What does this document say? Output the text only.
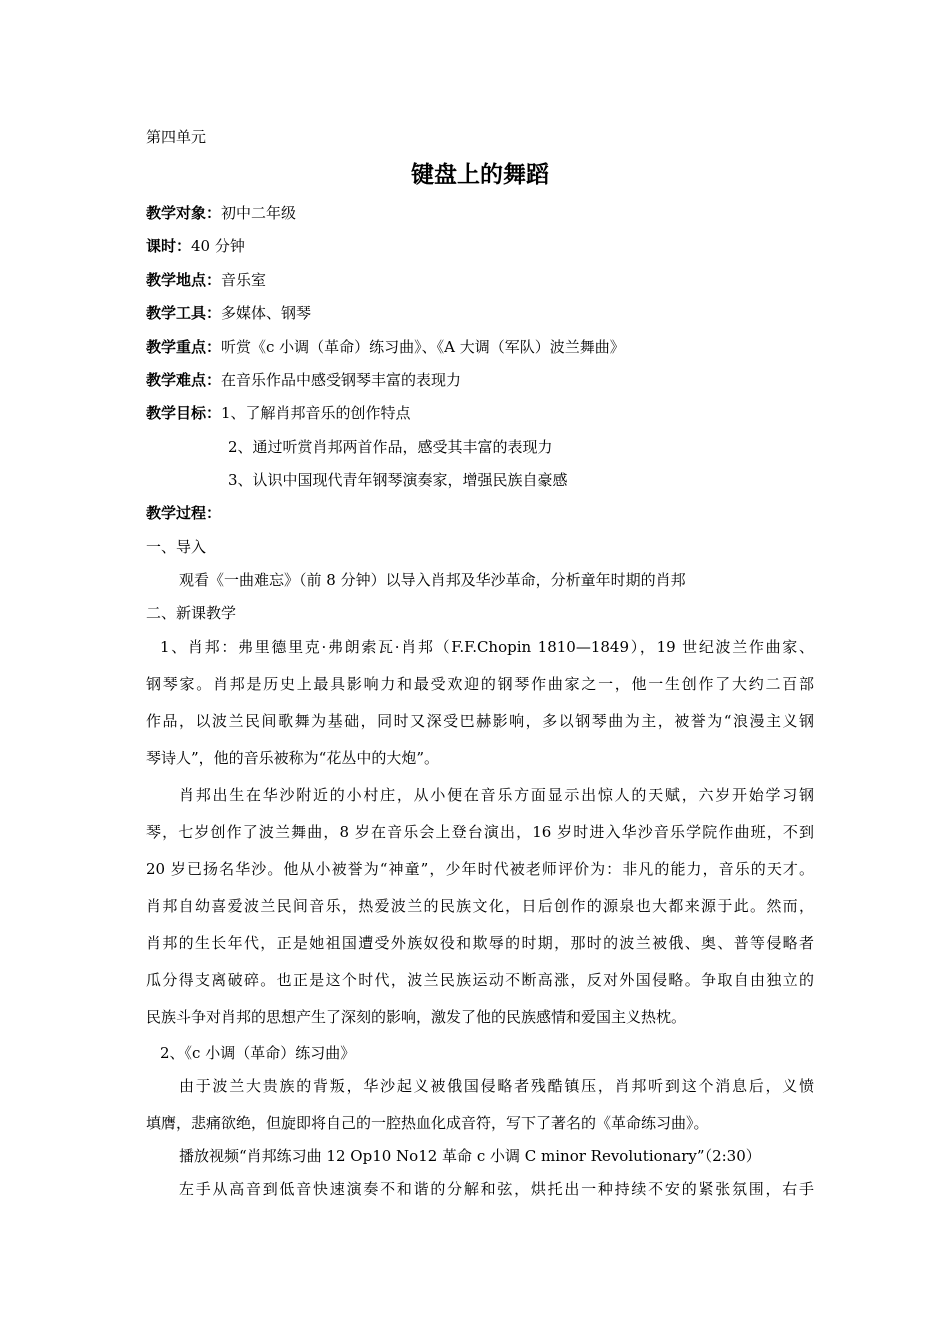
第四单元
键盘上的舞蹈
教学对象：初中二年级
课时：40 分钟
教学地点：音乐室
教学工具：多媒体、钢琴
教学重点：听赏《c 小调（革命）练习曲》、《A 大调（军队）波兰舞曲》
教学难点：在音乐作品中感受钢琴丰富的表现力
教学目标：1、了解肖邦音乐的创作特点
2、通过听赏肖邦两首作品，感受其丰富的表现力
3、认识中国现代青年钢琴演奏家，增强民族自豪感
教学过程：
一、导入
观看《一曲难忘》（前 8 分钟）以导入肖邦及华沙革命，分析童年时期的肖邦
二、新课教学
1、肖邦：弗里德里克·弗朗索瓦·肖邦（F.F.Chopin 1810—1849），19 世纪波兰作曲家、
钢琴家。肖邦是历史上最具影响力和最受欢迎的钢琴作曲家之一，他一生创作了大约二百部
作品，以波兰民间歌舞为基础，同时又深受巴赫影响，多以钢琴曲为主，被誉为“浪漫主义钢
琴诗人”，他的音乐被称为“花丛中的大炮”。
肖邦出生在华沙附近的小村庄，从小便在音乐方面显示出惊人的天赋，六岁开始学习钢
琴，七岁创作了波兰舞曲，8 岁在音乐会上登台演出，16 岁时进入华沙音乐学院作曲班，不到
20 岁已扬名华沙。他从小被誉为“神童”，少年时代被老师评价为：非凡的能力，音乐的天才。
肖邦自幼喜爱波兰民间音乐，热爱波兰的民族文化，日后创作的源泉也大都来源于此。然而，
肖邦的生长年代，正是她祖国遭受外族奴役和欺辱的时期，那时的波兰被俄、奥、普等侵略者
瓜分得支离破碎。也正是这个时代，波兰民族运动不断高涨，反对外国侵略。争取自由独立的
民族斗争对肖邦的思想产生了深刻的影响，激发了他的民族感情和爱国主义热枕。
2、《c 小调（革命）练习曲》
由于波兰大贵族的背叛，华沙起义被俄国侵略者残酷镇压，肖邦听到这个消息后，义愤
填膺，悲痛欲绝，但旋即将自己的一腔热血化成音符，写下了著名的《革命练习曲》。
播放视频“肖邦练习曲 12 Op10 No12 革命 c 小调 C minor Revolutionary”（2:30）
左手从高音到低音快速演奏不和谐的分解和弦，烘托出一种持续不安的紧张氛围，右手
